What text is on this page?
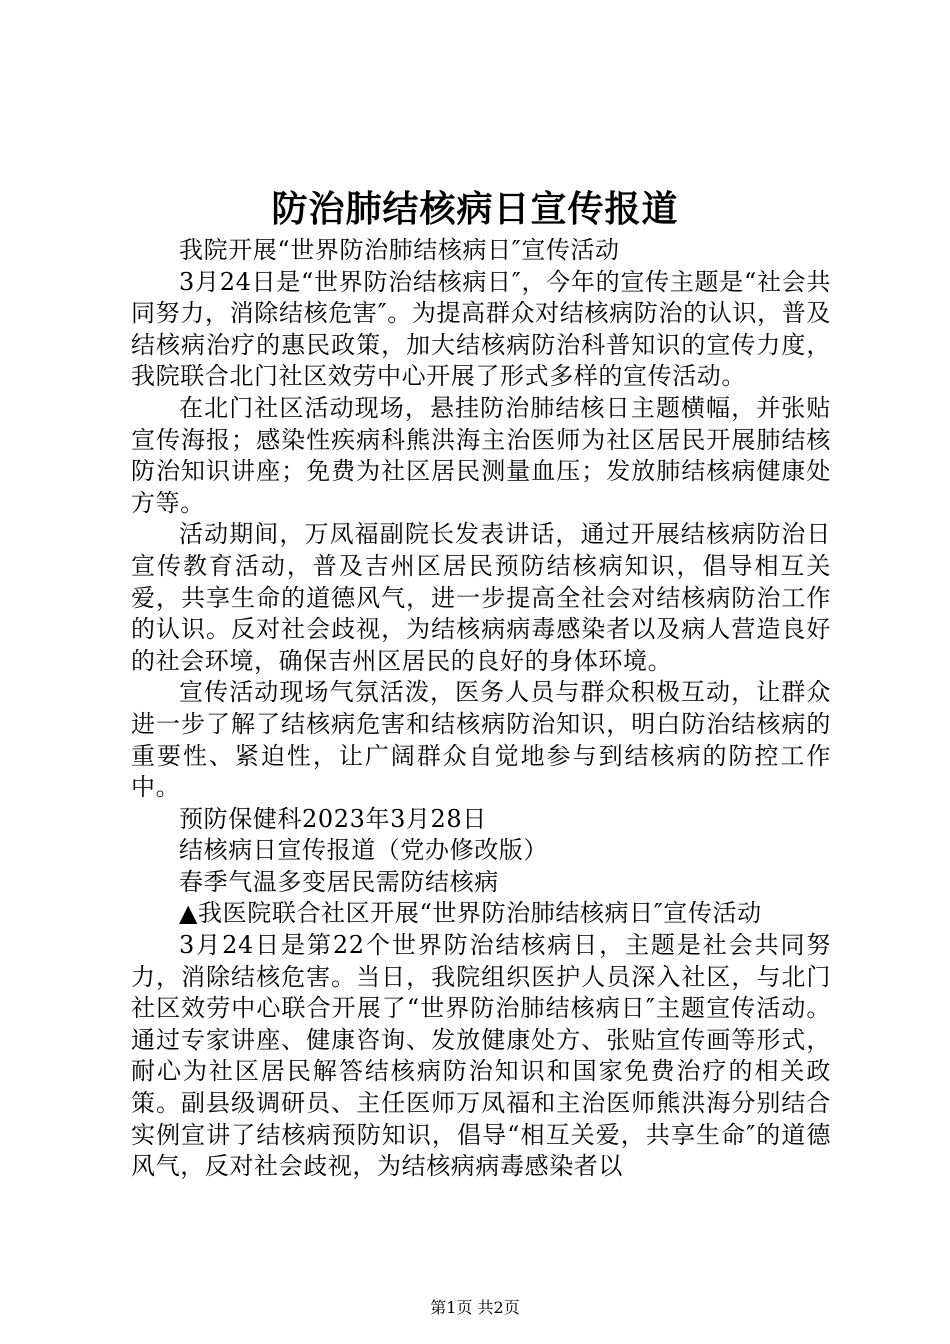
防治肺结核病日宣传报道

我院开展“世界防治肺结核病日″宣传活动

3月24日是“世界防治结核病日″，今年的宣传主题是“社会共同努力，消除结核危害″。为提高群众对结核病防治的认识，普及结核病治疗的惠民政策，加大结核病防治科普知识的宣传力度，我院联合北门社区效劳中心开展了形式多样的宣传活动。

在北门社区活动现场，悬挂防治肺结核日主题横幅，并张贴宣传海报；感染性疾病科熊洪海主治医师为社区居民开展肺结核防治知识讲座；免费为社区居民测量血压；发放肺结核病健康处方等。

活动期间，万凤福副院长发表讲话，通过开展结核病防治日宣传教育活动，普及吉州区居民预防结核病知识，倡导相互关爱，共享生命的道德风气，进一步提高全社会对结核病防治工作的认识。反对社会歧视，为结核病病毒感染者以及病人营造良好的社会环境，确保吉州区居民的良好的身体环境。

宣传活动现场气氛活泼，医务人员与群众积极互动，让群众进一步了解了结核病危害和结核病防治知识，明白防治结核病的重要性、紧迫性，让广阔群众自觉地参与到结核病的防控工作中。

预防保健科2023年3月28日

结核病日宣传报道（党办修改版）

春季气温多变居民需防结核病

▲我医院联合社区开展“世界防治肺结核病日″宣传活动

3月24日是第22个世界防治结核病日，主题是社会共同努力，消除结核危害。当日，我院组织医护人员深入社区，与北门社区效劳中心联合开展了“世界防治肺结核病日″主题宣传活动。通过专家讲座、健康咨询、发放健康处方、张贴宣传画等形式，耐心为社区居民解答结核病防治知识和国家免费治疗的相关政策。副县级调研员、主任医师万凤福和主治医师熊洪海分别结合实例宣讲了结核病预防知识，倡导“相互关爱，共享生命″的道德风气，反对社会歧视，为结核病病毒感染者以

第1页 共2页
